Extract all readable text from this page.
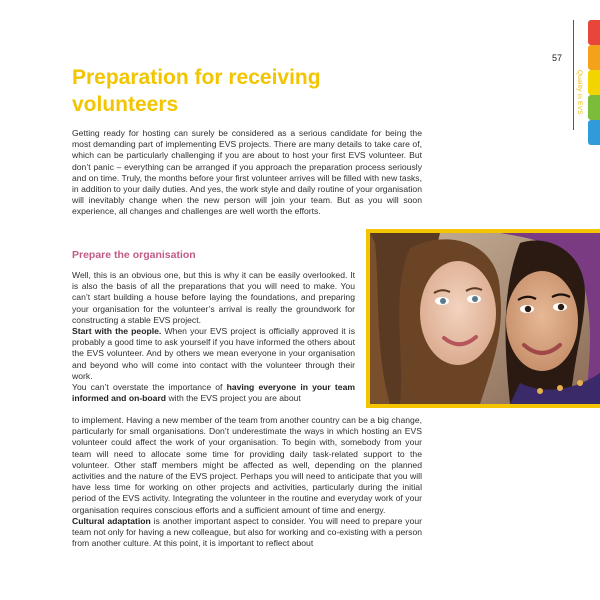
57
Quality in EVS
Preparation for receiving volunteers

Getting ready for hosting can surely be considered as a serious candidate for being the most demanding part of implementing EVS projects. There are many details to take care of, which can be particularly challenging if you are about to host your first EVS volunteer. But don’t panic – everything can be arranged if you approach the preparation process seriously and on time. Truly, the months before your first volunteer arrives will be filled with new tasks, in addition to your daily duties. And yes, the work style and daily routine of your organisation will inevitably change when the new person will join your team. But as you will soon experience, all changes and challenges are well worth the efforts.

Prepare the organisation

Well, this is an obvious one, but this is why it can be easily overlooked. It is also the basis of all the preparations that you will need to make. You can’t start building a house before laying the foundations, and preparing your organisation for the volunteer’s arrival is really the groundwork for constructing a stable EVS project.

Start with the people. When your EVS project is officially approved it is probably a good time to ask yourself if you have informed the others about the EVS volunteer. And by others we mean everyone in your organisation and beyond who will come into contact with the volunteer through their work.

You can’t overstate the importance of having everyone in your team informed and on-board with the EVS project you are about

to implement. Having a new member of the team from another country can be a big change, particularly for small organisations. Don’t underestimate the ways in which hosting an EVS volunteer could affect the work of your organisation. To begin with, somebody from your team will need to allocate some time for providing daily task-related support to the volunteer. Other staff members might be affected as well, depending on the planned activities and the nature of the EVS project. Perhaps you will need to anticipate that you will have less time for working on other projects and activities, particularly during the initial period of the EVS activity. Integrating the volunteer in the routine and everyday work of your organisation requires conscious efforts and a sufficient amount of time and energy.

Cultural adaptation is another important aspect to consider. You will need to prepare your team not only for having a new colleague, but also for working and co-existing with a person from another culture. At this point, it is important to reflect about
